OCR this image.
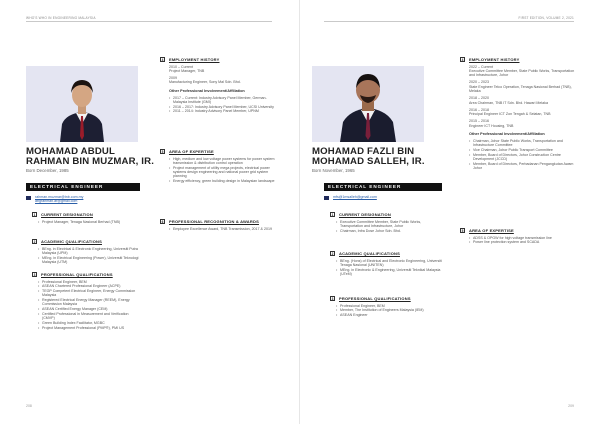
WHO'S WHO IN ENGINEERING MALAYSIA
MOHAMAD ABDUL
RAHMAN BIN MUZMAR, IR.
Born December, 1985
ELECTRICAL ENGINEER
rahman.muzmar@tnb.com.my
abgrahman.ar@gmail.com
1	CURRENT DESIGNATION
• Project Manager, Tenaga Nasional Berhad (TNB)
2	ACADEMIC QUALIFICATIONS
• BEng. in Electrical & Electronic Engineering, Universiti Putra Malaysia (UPM)
• MEng. in Electrical Engineering (Power), Universiti Teknologi Malaysia (UTM)
3	PROFESSIONAL QUALIFICATIONS
• Professional Engineer, BEM
• ASEAN Chartered Professional Engineer (ACPE)
• TEGP Competent Electrical Engineer, Energy Commission Malaysia
• Registered Electrical Energy Manager (REEM), Energy Commission Malaysia
• ASEAN Certified Energy Manager (CEM)
• Certified Professional in Measurement and Verification (CMVP)
• Green Building Index Facilitator, MGBC
• Project Management Professional (PMP®), PMI US
4	EMPLOYMENT HISTORY
2010 – Current
Project Manager, TNB
2009
Manufacturing Engineer, Sony Mal Sdn. Bhd.
Other Professional Involvement/Affiliation
• 2017 – Current: Industry Advisory Panel Member, German-Malaysia Institute (GMI)
• 2016 – 2017: Industry Advisory Panel Member, UCSI University
• 2011 – 2014: Industry Advisory Panel Member, UPNM
5	AREA OF EXPERTISE
• High, medium and low voltage power systems for power system transmission & distribution control operation
• Project management of utility mega projects, electrical power systems design engineering and national power grid system planning
• Energy efficiency, green building design in Malaysian landscape
6	PROFESSIONAL RECOGNITION & AWARDS
• Employee Excellence Award, TNB Transmission, 2017 & 2019
208
FIRST EDITION, VOLUME 2, 2021
MOHAMAD FAZLI BIN
MOHAMAD SALLEH, IR.
Born November, 1965
ELECTRICAL ENGINEER
mfs@1msalleh@gmail.com
1	CURRENT DESIGNATION
• Executive Committee Member, State Public Works, Transportation and Infrastructure, Johor
• Chairman, Infra Dose Johor Sdn. Bhd.
2	ACADEMIC QUALIFICATIONS
• BEng. (Hons) of Electrical and Electronic Engineering, Universiti Tenaga Nasional (UNITEN)
• MEng. in Electronic & Engineering, Universiti Teknikal Malaysia (UTeM)
3	PROFESSIONAL QUALIFICATIONS
• Professional Engineer, BEM
• Member, The Institution of Engineers Malaysia (IEM)
• ASEAN Engineer
4	EMPLOYMENT HISTORY
2022 – Current
Executive Committee Member, State Public Works, Transportation and Infrastructure, Johor
2020 – 2023
State Engineer Telco Operation, Tenaga Nasional Berhad (TNB), Melaka
2018 – 2020
Area Chairman, TNB IT Sdn. Bhd. Hawari Melaka
2016 – 2018
Principal Engineer ICT Zon Tengah & Selatan, TNB
2015 – 2016
Engineer ICT Housing, TNB
Other Professional Involvement/Affiliation
• Chairman, Johor State Public Works, Transportation and Infrastructure Committee
• Vice Chairman, Johor Public Transport Committee
• Member, Board of Directors, Johor Construction Centre Development (JCCD)
• Member, Board of Directors, Perbadanan Pengangkutan Awam Johor
5	AREA OF EXPERTISE
• ADSS & OPGW for high voltage transmission line
• Power line protection system and SCADA
209
